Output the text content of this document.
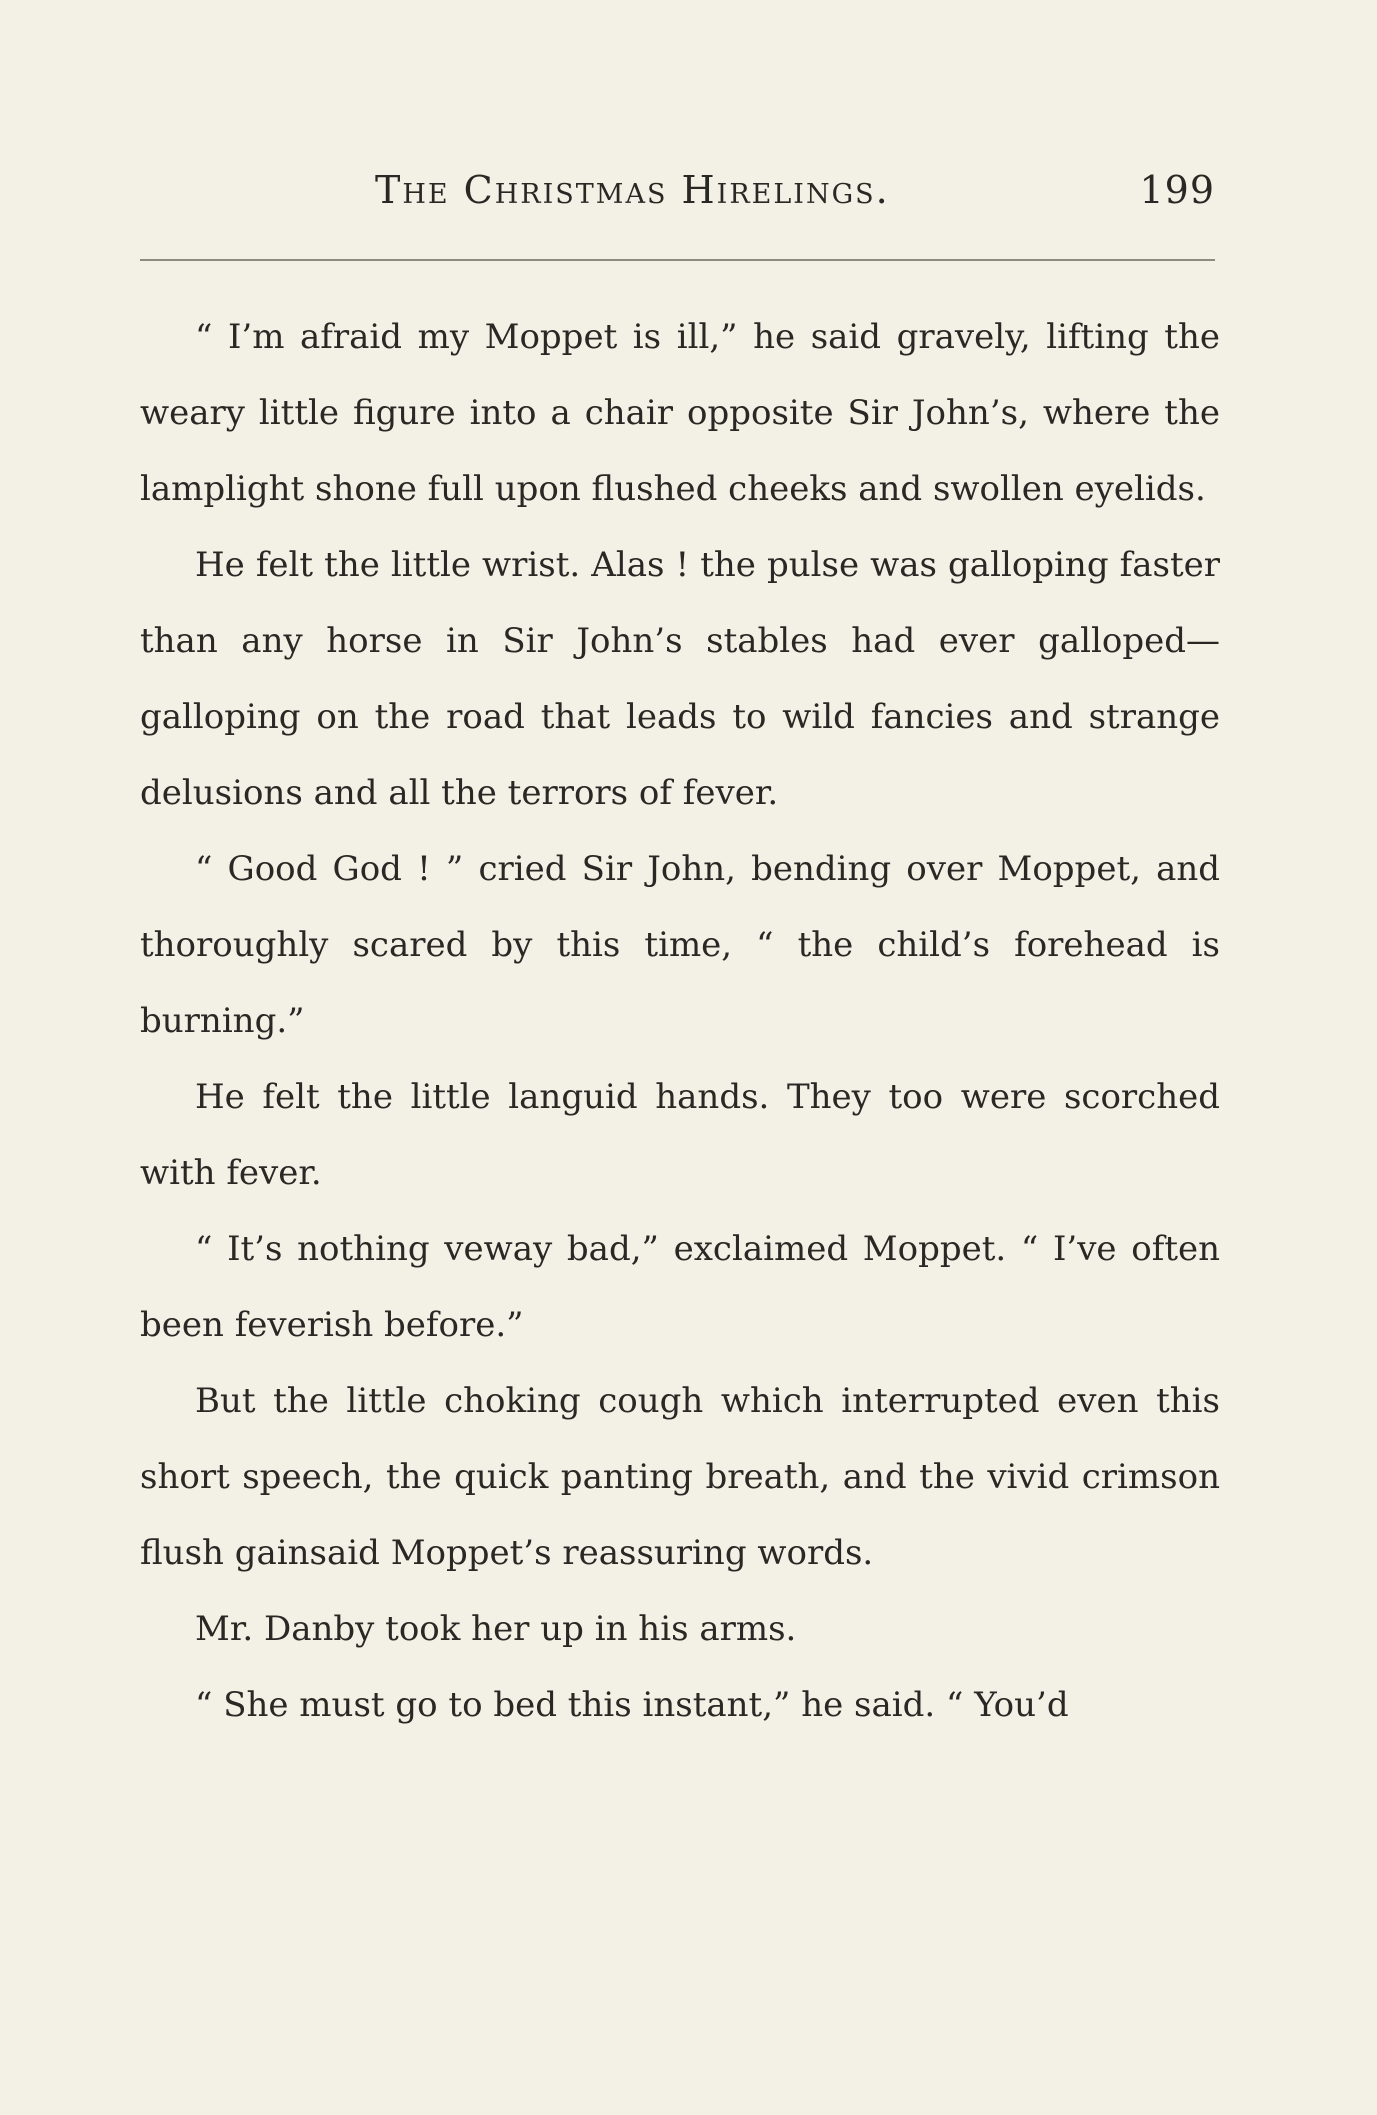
The Christmas Hirelings.	199

“ I’m afraid my Moppet is ill,” he said gravely, lifting the weary little figure into a chair opposite Sir John’s, where the lamplight shone full upon flushed cheeks and swollen eyelids.

He felt the little wrist. Alas ! the pulse was galloping faster than any horse in Sir John’s stables had ever galloped—galloping on the road that leads to wild fancies and strange delusions and all the terrors of fever.

“ Good God ! ” cried Sir John, bending over Moppet, and thoroughly scared by this time, “ the child’s forehead is burning.”

He felt the little languid hands. They too were scorched with fever.

“ It’s nothing veway bad,” exclaimed Moppet. “ I’ve often been feverish before.”

But the little choking cough which interrupted even this short speech, the quick panting breath, and the vivid crimson flush gainsaid Moppet’s reassuring words.

Mr. Danby took her up in his arms.

“ She must go to bed this instant,” he said. “ You’d
